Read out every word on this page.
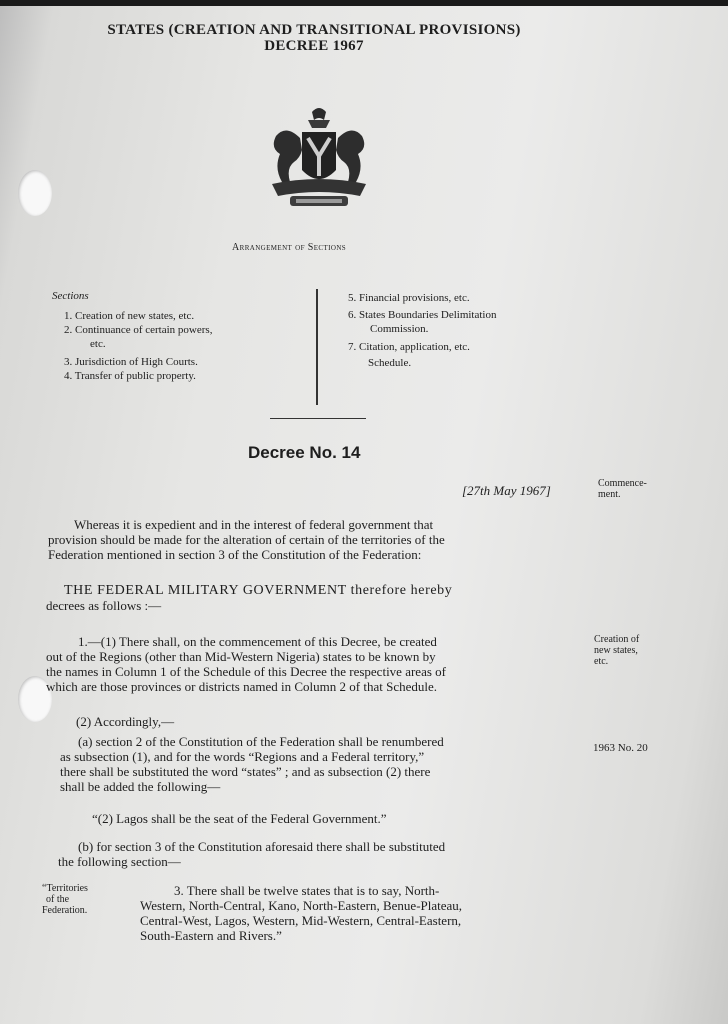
STATES (CREATION AND TRANSITIONAL PROVISIONS)
DECREE 1967
Arrangement of Sections
Sections
1. Creation of new states, etc.
2. Continuance of certain powers,
etc.
3. Jurisdiction of High Courts.
4. Transfer of public property.
5. Financial provisions, etc.
6. States Boundaries Delimitation
Commission.
7. Citation, application, etc.
Schedule.
Decree No. 14
[27th May 1967]	Commence-
ment.
Whereas it is expedient and in the interest of federal government that
provision should be made for the alteration of certain of the territories of the
Federation mentioned in section 3 of the Constitution of the Federation:
THE FEDERAL MILITARY GOVERNMENT therefore hereby
decrees as follows :—
1.—(1) There shall, on the commencement of this Decree, be created
out of the Regions (other than Mid-Western Nigeria) states to be known by
the names in Column 1 of the Schedule of this Decree the respective areas of
which are those provinces or districts named in Column 2 of that Schedule.
Creation of
new states,
etc.
(2) Accordingly,—
(a) section 2 of the Constitution of the Federation shall be renumbered
as subsection (1), and for the words “Regions and a Federal territory,”
there shall be substituted the word “states” ; and as subsection (2) there
shall be added the following—
1963 No. 20
“(2) Lagos shall be the seat of the Federal Government.”
(b) for section 3 of the Constitution aforesaid there shall be substituted
the following section—
“Territories
of the
Federation.
3. There shall be twelve states that is to say, North-
Western, North-Central, Kano, North-Eastern, Benue-Plateau,
Central-West, Lagos, Western, Mid-Western, Central-Eastern,
South-Eastern and Rivers.”
